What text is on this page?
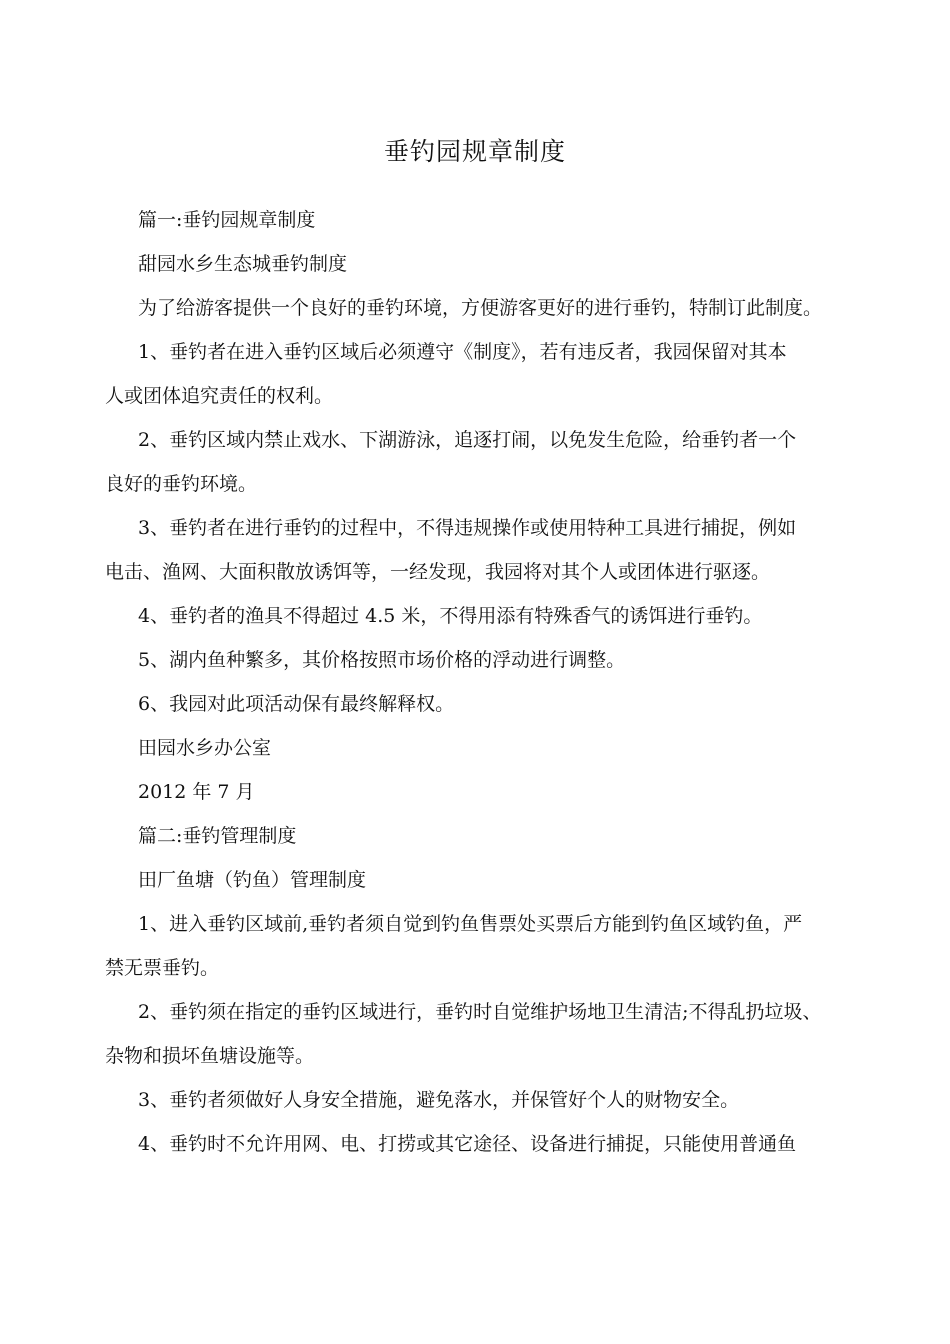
垂钓园规章制度

篇一:垂钓园规章制度

甜园水乡生态城垂钓制度

为了给游客提供一个良好的垂钓环境，方便游客更好的进行垂钓，特制订此制度。

1、垂钓者在进入垂钓区域后必须遵守《制度》，若有违反者，我园保留对其本
人或团体追究责任的权利。

2、垂钓区域内禁止戏水、下湖游泳，追逐打闹，以免发生危险，给垂钓者一个
良好的垂钓环境。

3、垂钓者在进行垂钓的过程中，不得违规操作或使用特种工具进行捕捉，例如
电击、渔网、大面积散放诱饵等，一经发现，我园将对其个人或团体进行驱逐。

4、垂钓者的渔具不得超过 4.5 米，不得用添有特殊香气的诱饵进行垂钓。

5、湖内鱼种繁多，其价格按照市场价格的浮动进行调整。

6、我园对此项活动保有最终解释权。

田园水乡办公室

2012 年 7 月

篇二:垂钓管理制度

田厂鱼塘（钓鱼）管理制度

1、进入垂钓区域前,垂钓者须自觉到钓鱼售票处买票后方能到钓鱼区域钓鱼，严
禁无票垂钓。

2、垂钓须在指定的垂钓区域进行，垂钓时自觉维护场地卫生清洁;不得乱扔垃圾、
杂物和损坏鱼塘设施等。

3、垂钓者须做好人身安全措施，避免落水，并保管好个人的财物安全。

4、垂钓时不允许用网、电、打捞或其它途径、设备进行捕捉，只能使用普通鱼
